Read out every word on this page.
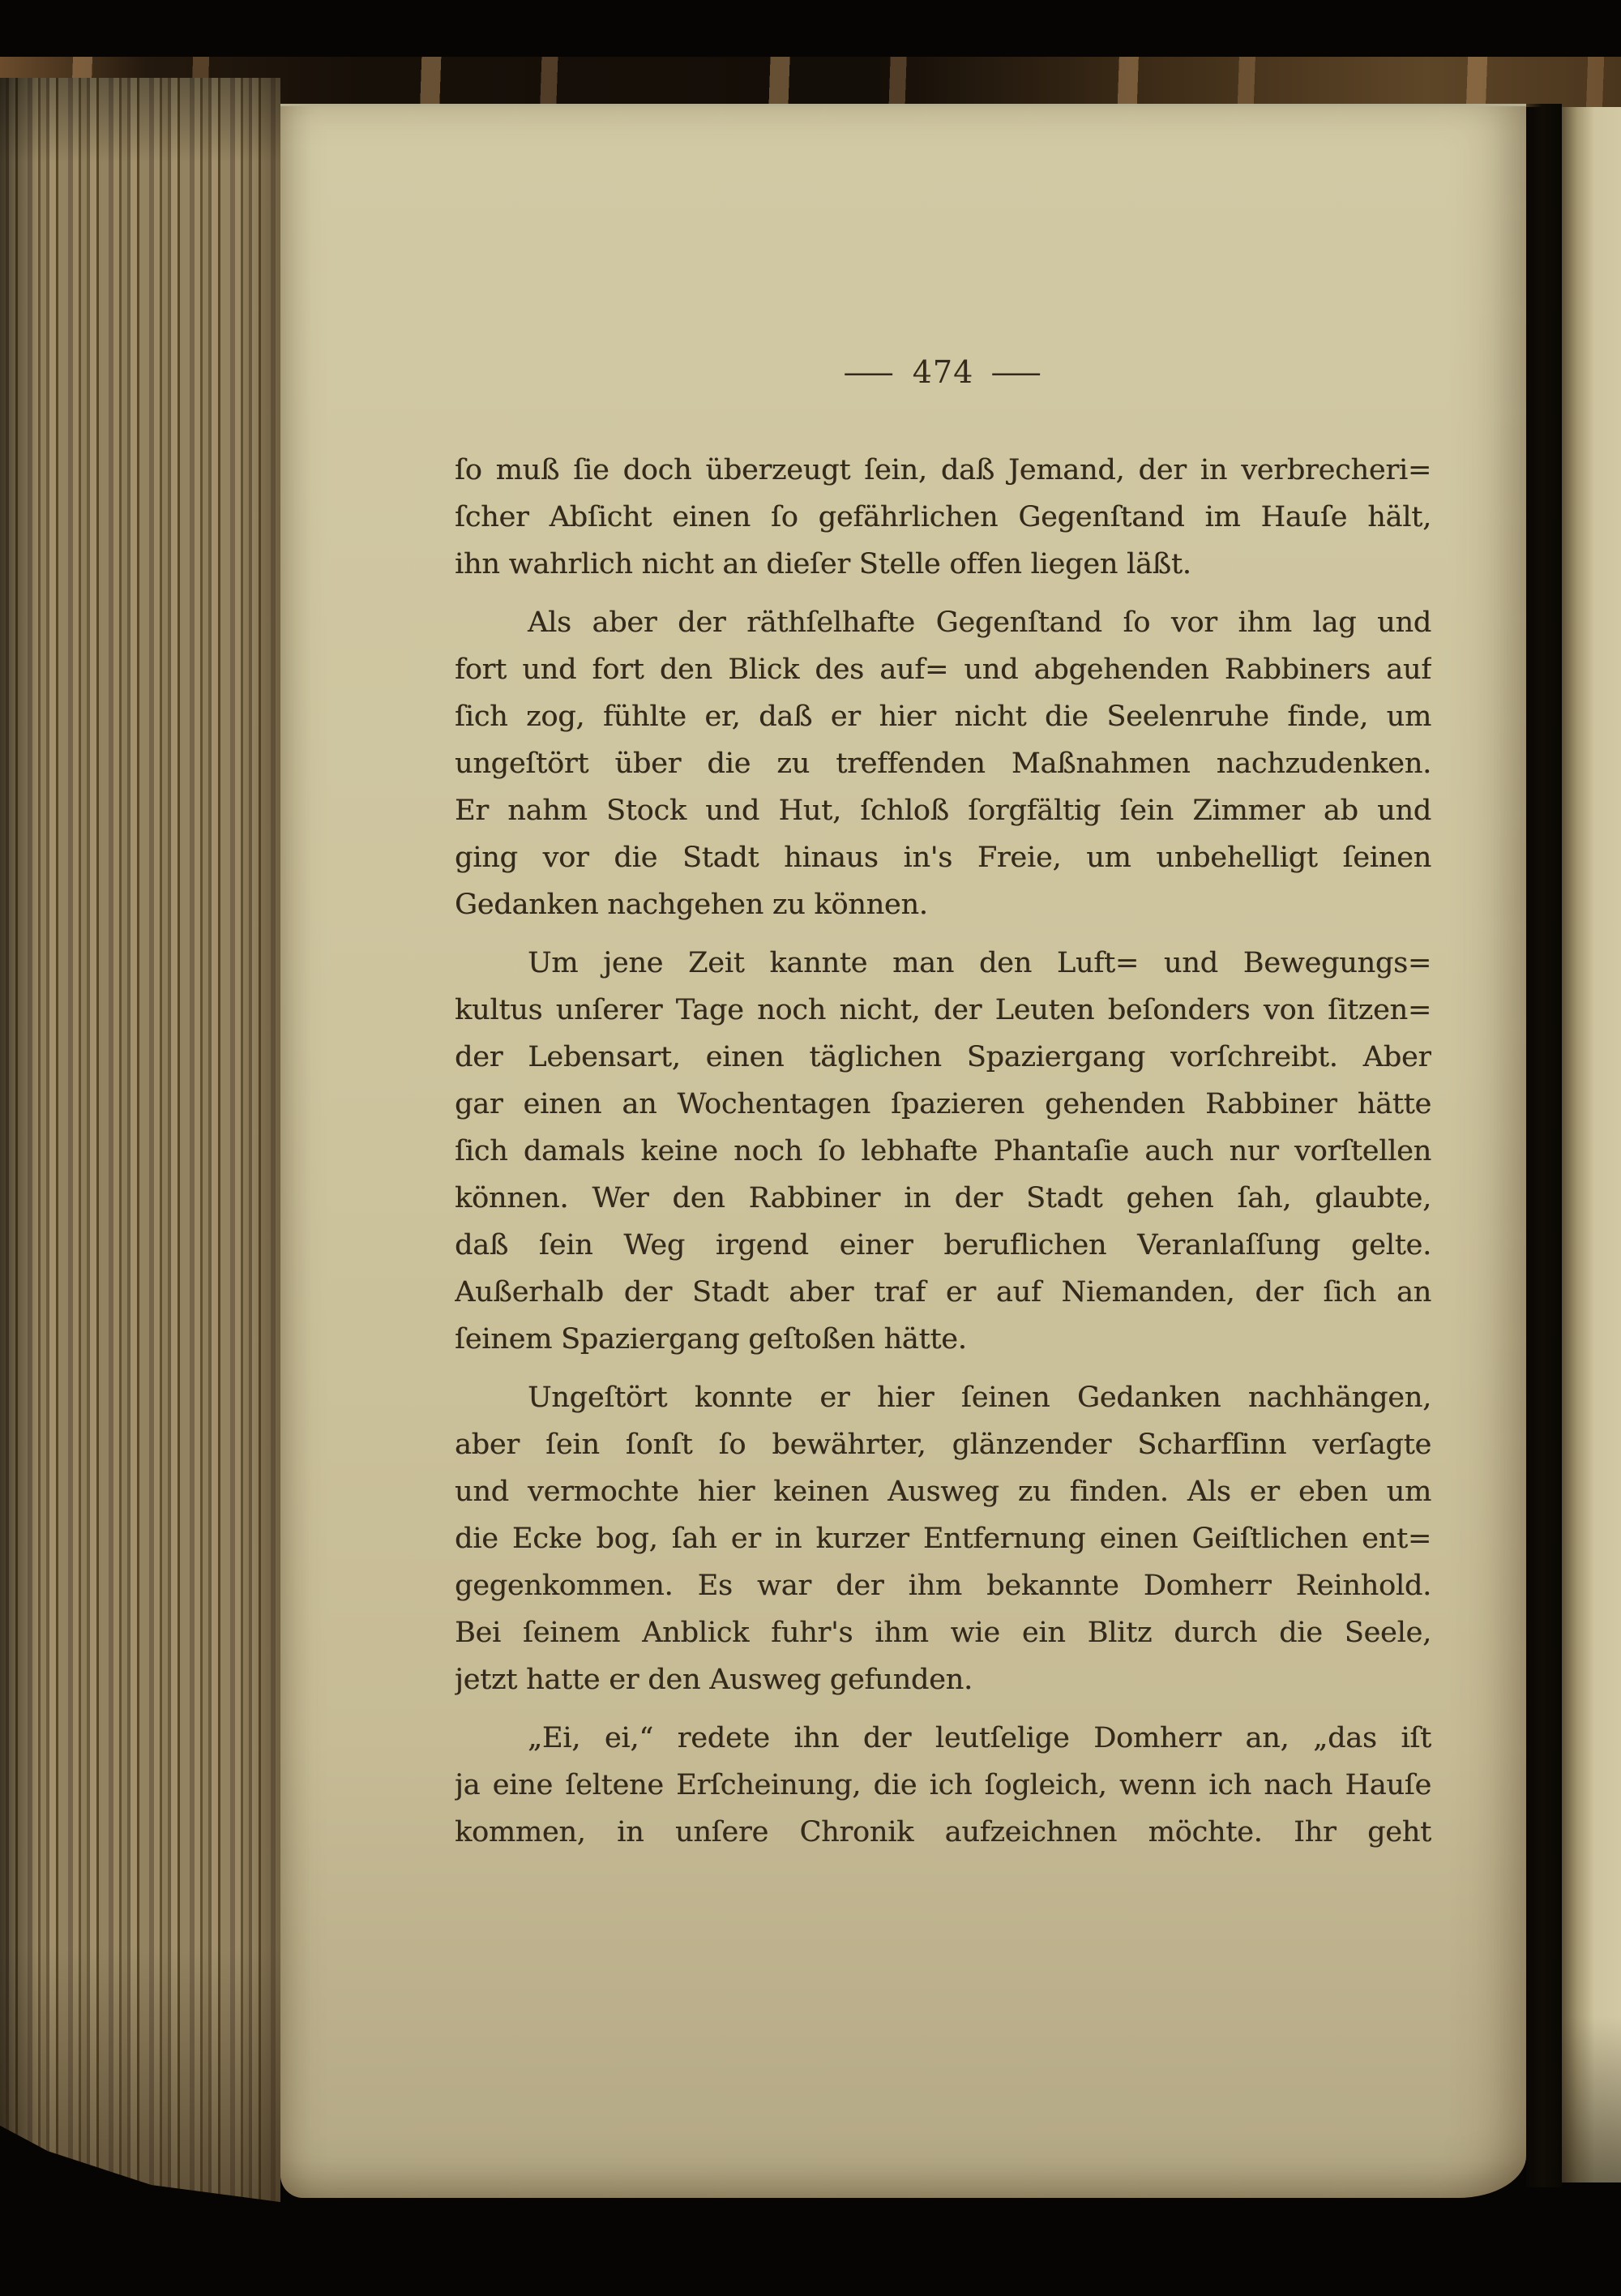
— 474 —
ſo muß ſie doch überzeugt ſein, daß Jemand, der in verbrecheri=
ſcher Abſicht einen ſo gefährlichen Gegenſtand im Hauſe hält,
ihn wahrlich nicht an dieſer Stelle offen liegen läßt.
Als aber der räthſelhafte Gegenſtand ſo vor ihm lag und
fort und fort den Blick des auf= und abgehenden Rabbiners auf
ſich zog, fühlte er, daß er hier nicht die Seelenruhe finde, um
ungeſtört über die zu treffenden Maßnahmen nachzudenken.
Er nahm Stock und Hut, ſchloß ſorgfältig ſein Zimmer ab und
ging vor die Stadt hinaus in's Freie, um unbehelligt ſeinen
Gedanken nachgehen zu können.
Um jene Zeit kannte man den Luft= und Bewegungs=
kultus unſerer Tage noch nicht, der Leuten beſonders von ſitzen=
der Lebensart, einen täglichen Spaziergang vorſchreibt. Aber
gar einen an Wochentagen ſpazieren gehenden Rabbiner hätte
ſich damals keine noch ſo lebhafte Phantaſie auch nur vorſtellen
können. Wer den Rabbiner in der Stadt gehen ſah, glaubte,
daß ſein Weg irgend einer beruflichen Veranlaſſung gelte.
Außerhalb der Stadt aber traf er auf Niemanden, der ſich an
ſeinem Spaziergang geſtoßen hätte.
Ungeſtört konnte er hier ſeinen Gedanken nachhängen,
aber ſein ſonſt ſo bewährter, glänzender Scharfſinn verſagte
und vermochte hier keinen Ausweg zu finden. Als er eben um
die Ecke bog, ſah er in kurzer Entfernung einen Geiſtlichen ent=
gegenkommen. Es war der ihm bekannte Domherr Reinhold.
Bei ſeinem Anblick fuhr's ihm wie ein Blitz durch die Seele,
jetzt hatte er den Ausweg gefunden.
„Ei, ei,“ redete ihn der leutſelige Domherr an, „das iſt
ja eine ſeltene Erſcheinung, die ich ſogleich, wenn ich nach Hauſe
kommen, in unſere Chronik aufzeichnen möchte. Ihr geht
